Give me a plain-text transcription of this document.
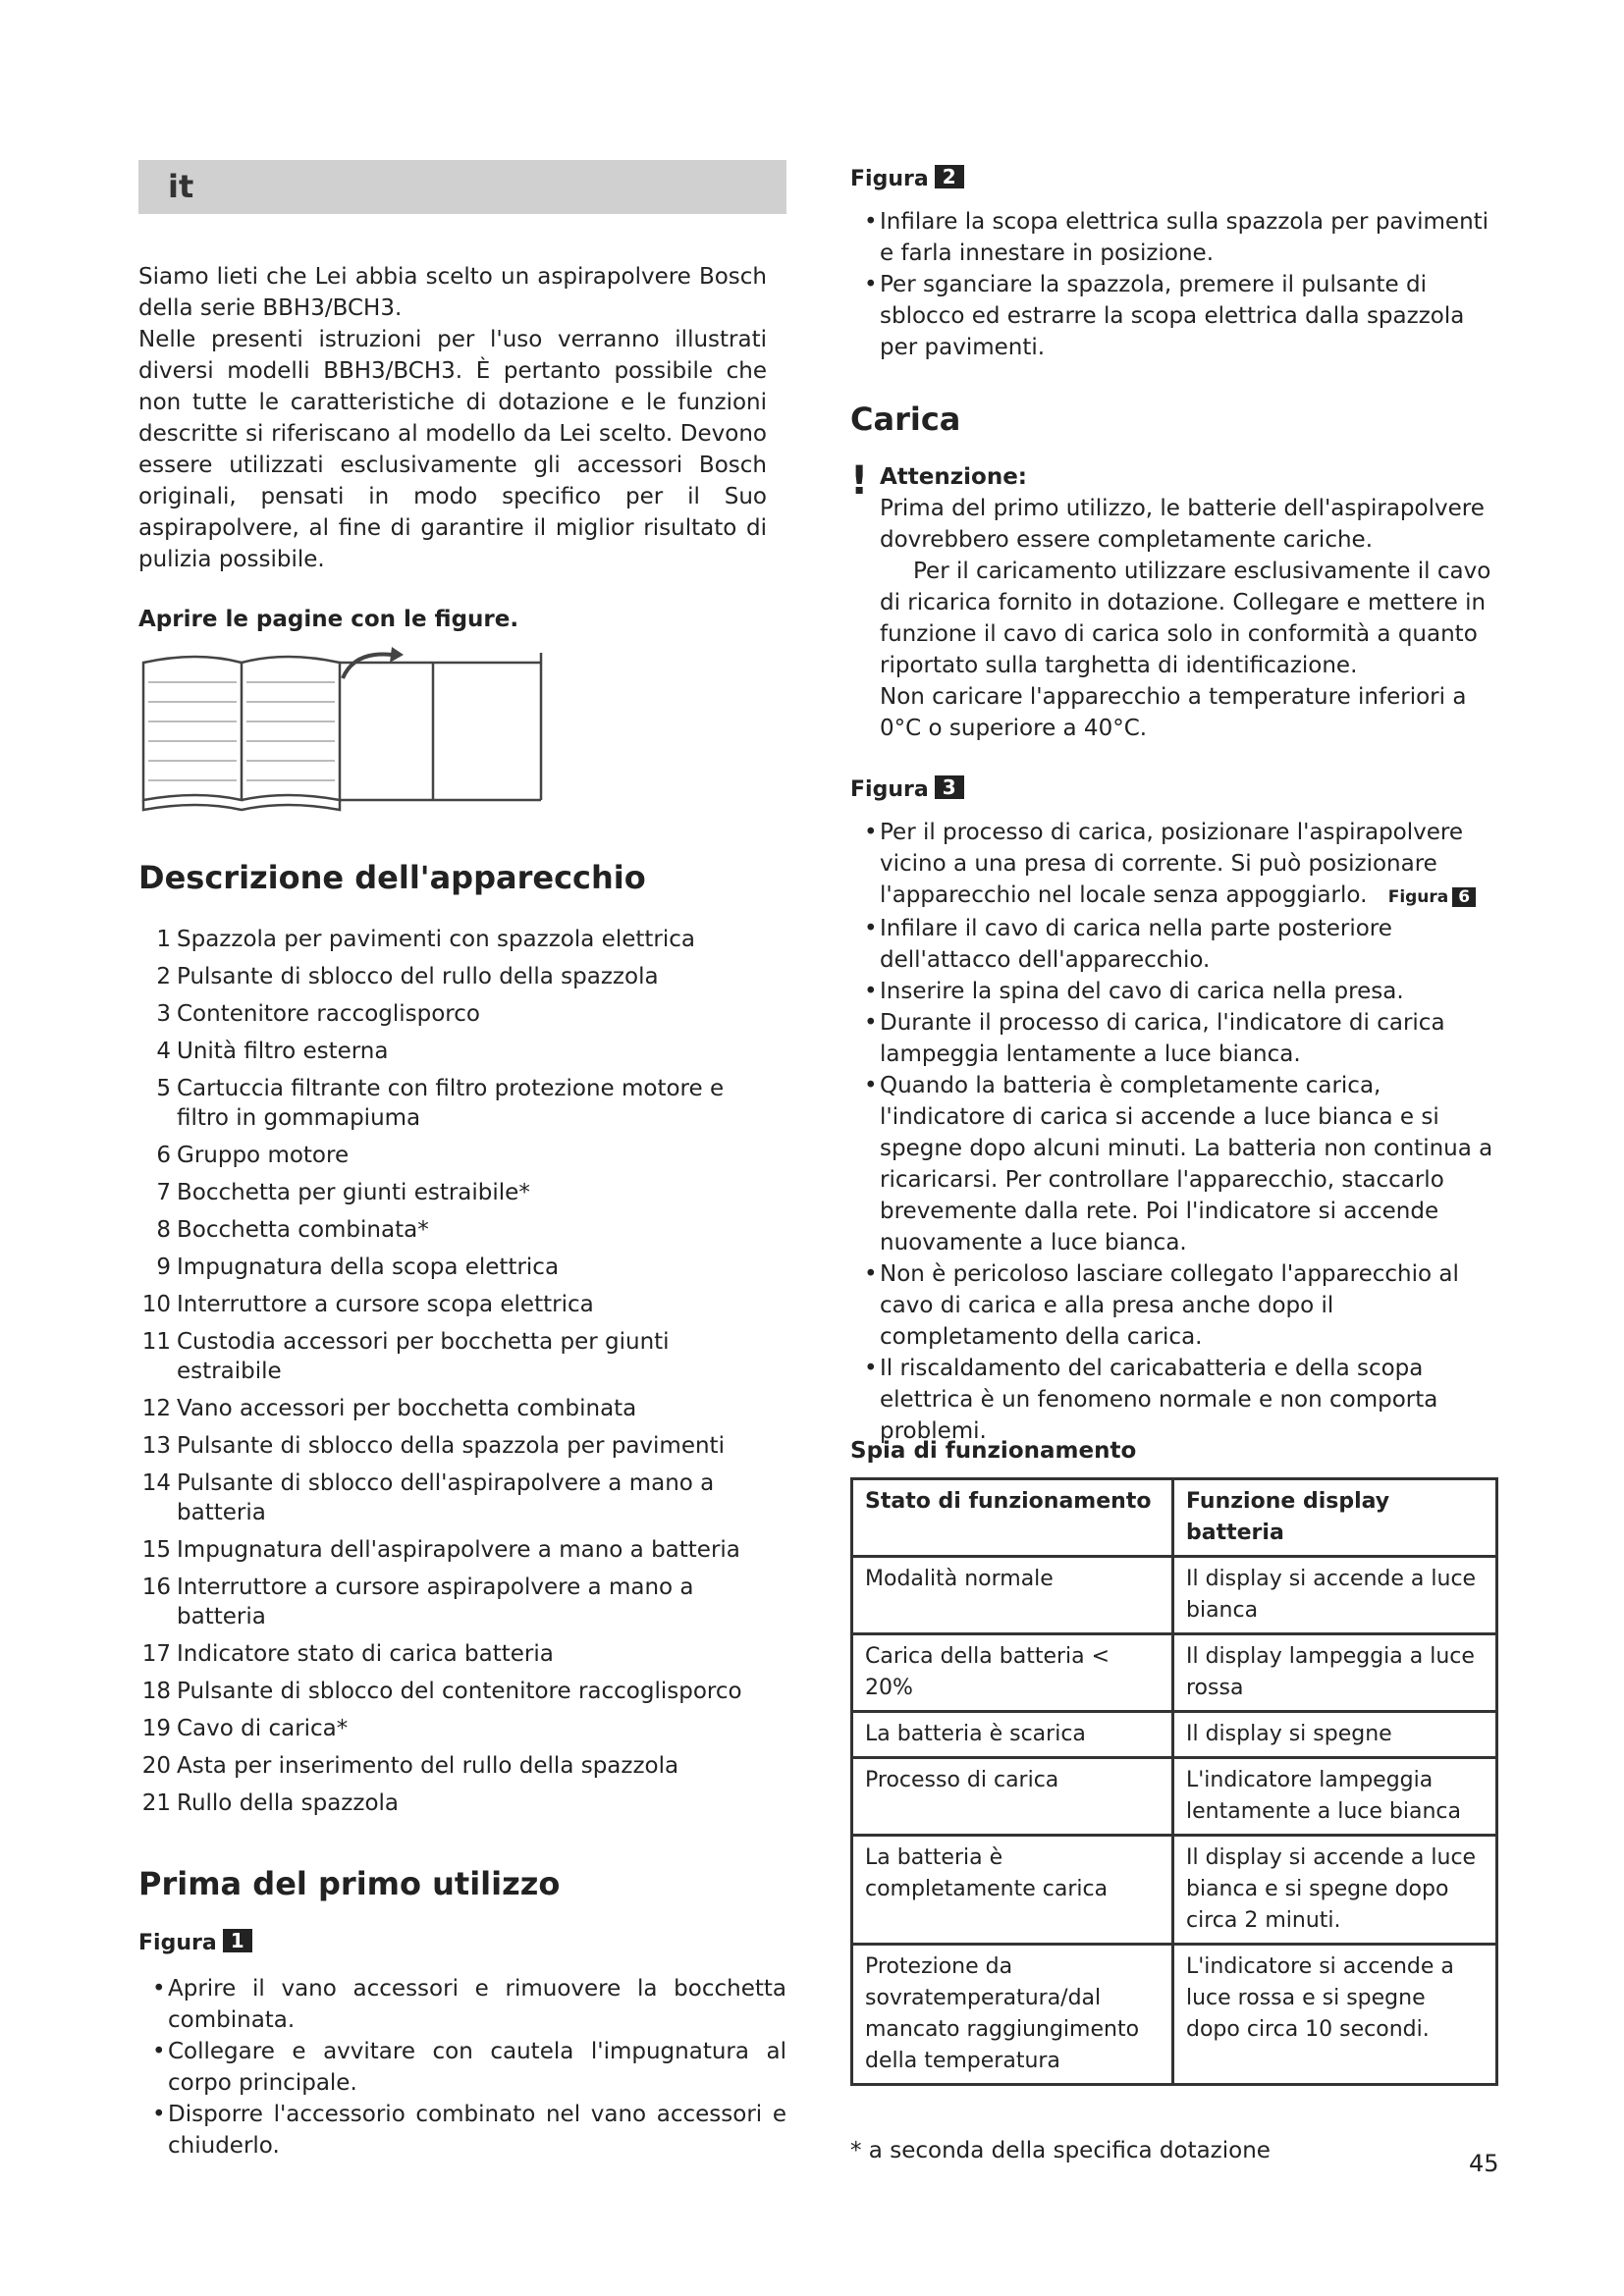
it
Siamo lieti che Lei abbia scelto un aspirapolvere Bosch della serie BBH3/BCH3.
Nelle presenti istruzioni per l'uso verranno illustrati diversi modelli BBH3/BCH3. È pertanto possibile che non tutte le caratteristiche di dotazione e le funzioni descritte si riferiscano al modello da Lei scelto. Devono essere utilizzati esclusivamente gli accessori Bosch originali, pensati in modo specifico per il Suo aspirapolvere, al fine di garantire il miglior risultato di pulizia possibile.
Aprire le pagine con le figure.
Descrizione dell'apparecchio
1 Spazzola per pavimenti con spazzola elettrica
2 Pulsante di sblocco del rullo della spazzola
3 Contenitore raccoglisporco
4 Unità filtro esterna
5 Cartuccia filtrante con filtro protezione motore e filtro in gommapiuma
6 Gruppo motore
7 Bocchetta per giunti estraibile*
8 Bocchetta combinata*
9 Impugnatura della scopa elettrica
10 Interruttore a cursore scopa elettrica
11 Custodia accessori per bocchetta per giunti estraibile
12 Vano accessori per bocchetta combinata
13 Pulsante di sblocco della spazzola per pavimenti
14 Pulsante di sblocco dell'aspirapolvere a mano a batteria
15 Impugnatura dell'aspirapolvere a mano a batteria
16 Interruttore a cursore aspirapolvere a mano a batteria
17 Indicatore stato di carica batteria
18 Pulsante di sblocco del contenitore raccoglisporco
19 Cavo di carica*
20 Asta per inserimento del rullo della spazzola
21 Rullo della spazzola
Prima del primo utilizzo
Figura 1
• Aprire il vano accessori e rimuovere la bocchetta combinata.
• Collegare e avvitare con cautela l'impugnatura al corpo principale.
• Disporre l'accessorio combinato nel vano accessori e chiuderlo.
Figura 2
• Infilare la scopa elettrica sulla spazzola per pavimenti e farla innestare in posizione.
• Per sganciare la spazzola, premere il pulsante di sblocco ed estrarre la scopa elettrica dalla spazzola per pavimenti.
Carica
! Attenzione:
Prima del primo utilizzo, le batterie dell'aspirapolvere dovrebbero essere completamente cariche.
Per il caricamento utilizzare esclusivamente il cavo di ricarica fornito in dotazione. Collegare e mettere in funzione il cavo di carica solo in conformità a quanto riportato sulla targhetta di identificazione.
Non caricare l'apparecchio a temperature inferiori a 0°C o superiore a 40°C.
Figura 3
• Per il processo di carica, posizionare l'aspirapolvere vicino a una presa di corrente. Si può posizionare l'apparecchio nel locale senza appoggiarlo. Figura 6
• Infilare il cavo di carica nella parte posteriore dell'attacco dell'apparecchio.
• Inserire la spina del cavo di carica nella presa.
• Durante il processo di carica, l'indicatore di carica lampeggia lentamente a luce bianca.
• Quando la batteria è completamente carica, l'indicatore di carica si accende a luce bianca e si spegne dopo alcuni minuti. La batteria non continua a ricaricarsi. Per controllare l'apparecchio, staccarlo brevemente dalla rete. Poi l'indicatore si accende nuovamente a luce bianca.
• Non è pericoloso lasciare collegato l'apparecchio al cavo di carica e alla presa anche dopo il completamento della carica.
• Il riscaldamento del caricabatteria e della scopa elettrica è un fenomeno normale e non comporta problemi.
Spia di funzionamento
Stato di funzionamento	Funzione display batteria
Modalità normale	Il display si accende a luce bianca
Carica della batteria < 20%	Il display lampeggia a luce rossa
La batteria è scarica	Il display si spegne
Processo di carica	L'indicatore lampeggia lentamente a luce bianca
La batteria è completamente carica	Il display si accende a luce bianca e si spegne dopo circa 2 minuti.
Protezione da sovratemperatura/dal mancato raggiungimento della temperatura	L'indicatore si accende a luce rossa e si spegne dopo circa 10 secondi.
* a seconda della specifica dotazione	45
